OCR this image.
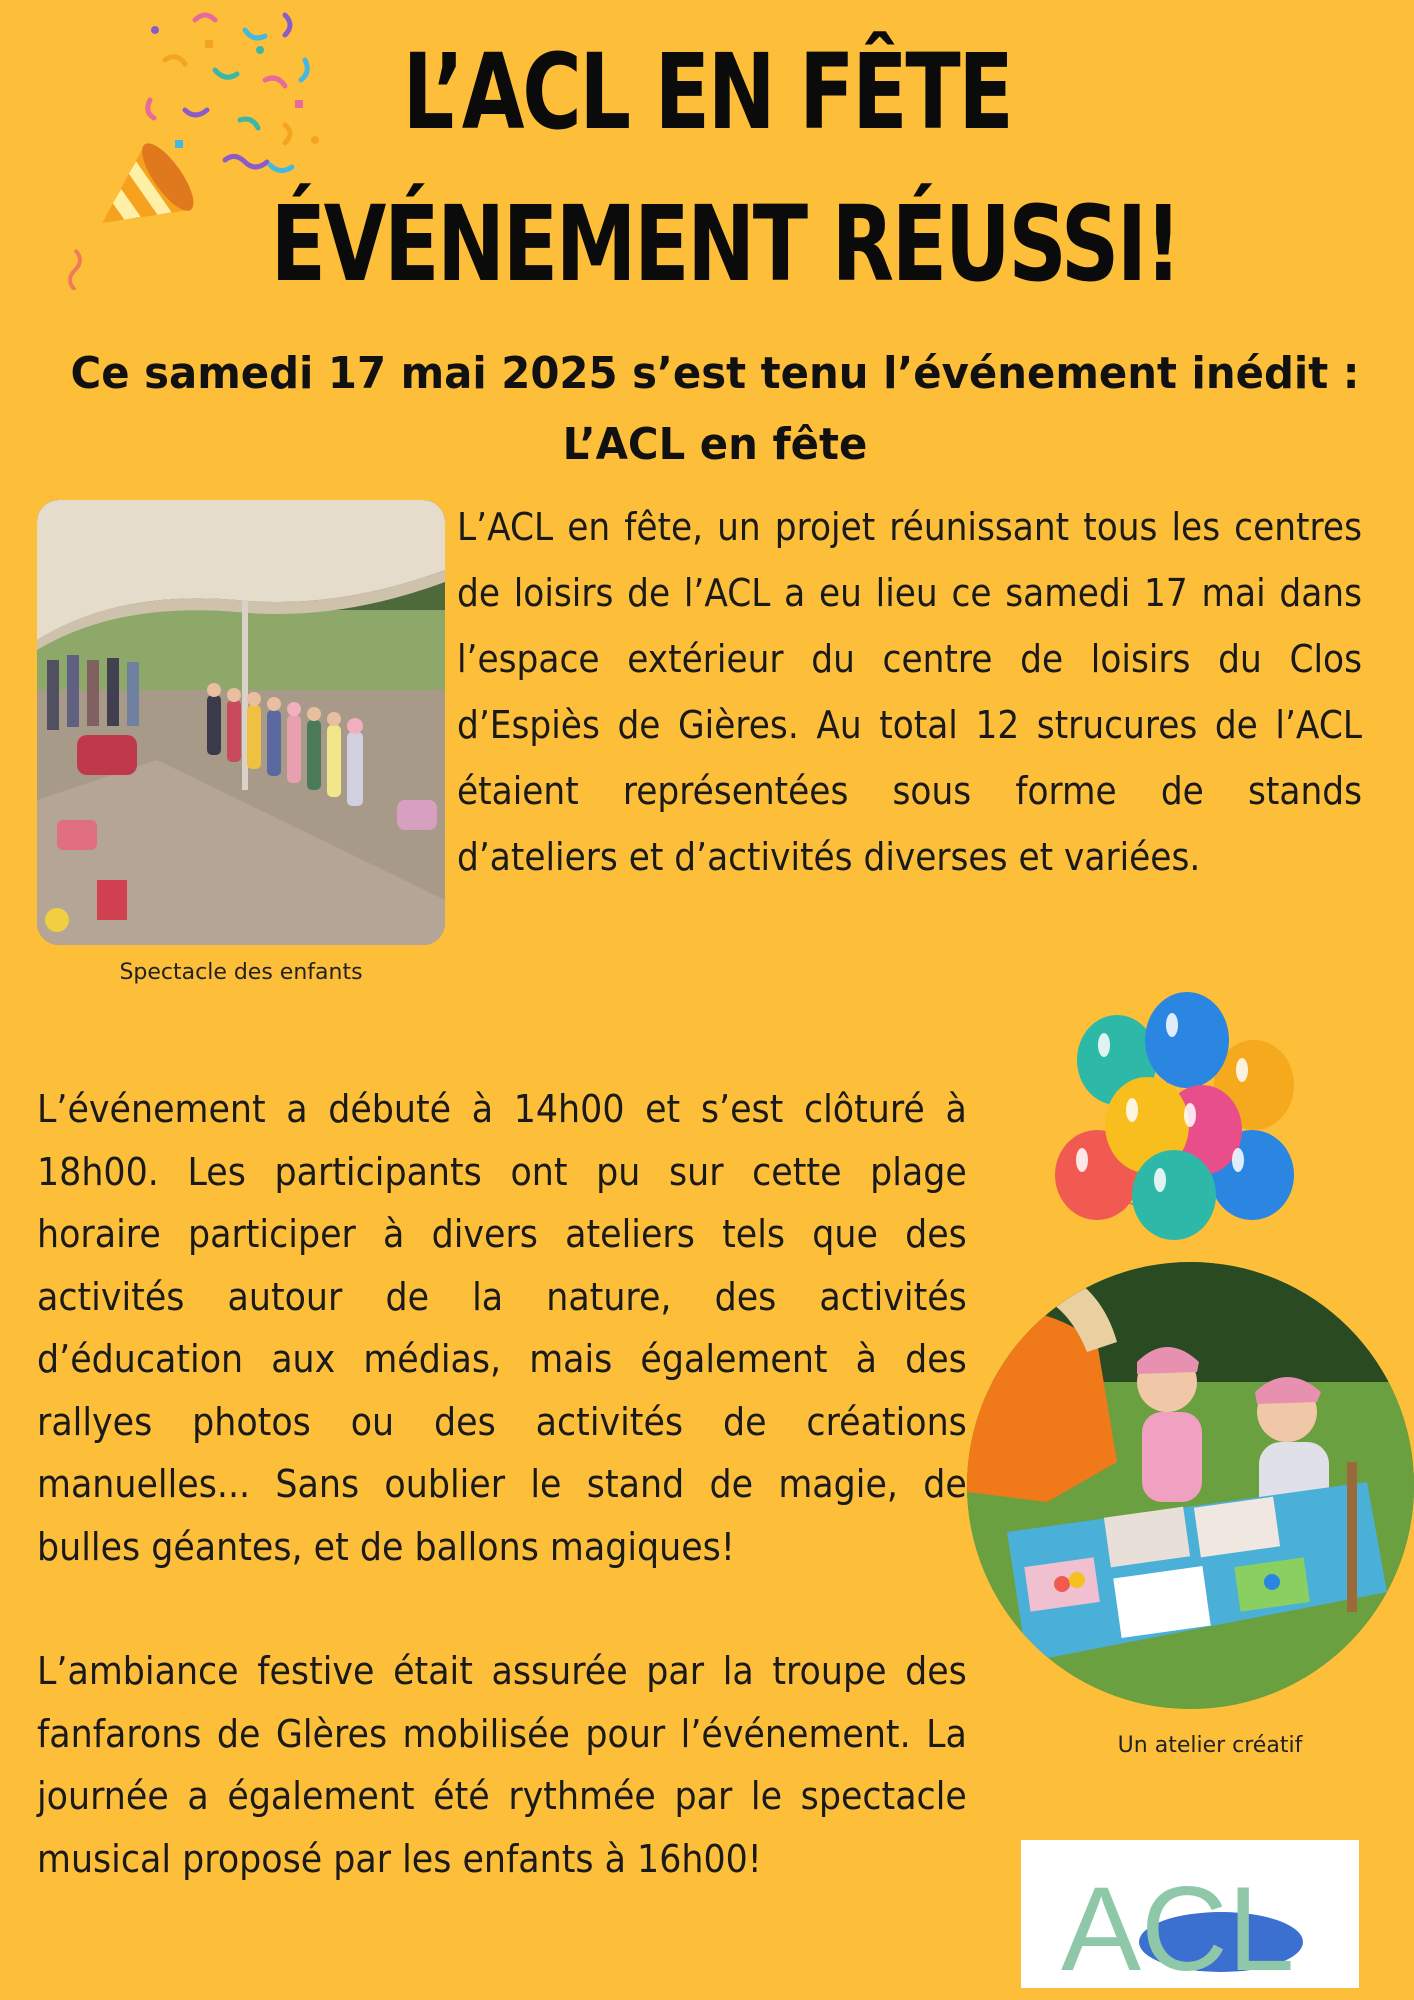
L’ACL EN FÊTE
ÉVÉNEMENT RÉUSSI!
Ce samedi 17 mai 2025 s’est tenu l’événement inédit :
L’ACL en fête
Spectacle des enfants
L’ACL en fête, un projet réunissant tous les centres de loisirs de l’ACL a eu lieu ce samedi 17 mai dans l’espace extérieur du centre de loisirs du Clos d’Espiès de Gières. Au total 12 strucures de l’ACL étaient représentées sous forme de stands d’ateliers et d’activités diverses et variées.
L’événement a débuté à 14h00 et s’est clôturé à 18h00. Les participants ont pu sur cette plage horaire participer à divers ateliers tels que des activités autour de la nature, des activités d’éducation aux médias, mais également à des rallyes photos ou des activités de créations manuelles... Sans oublier le stand de magie, de bulles géantes, et de ballons magiques!
L’ambiance festive était assurée par la troupe des fanfarons de Glères mobilisée pour l’événement. La journée a également été rythmée par le spectacle musical proposé par les enfants à 16h00!
Un atelier créatif
ACL
